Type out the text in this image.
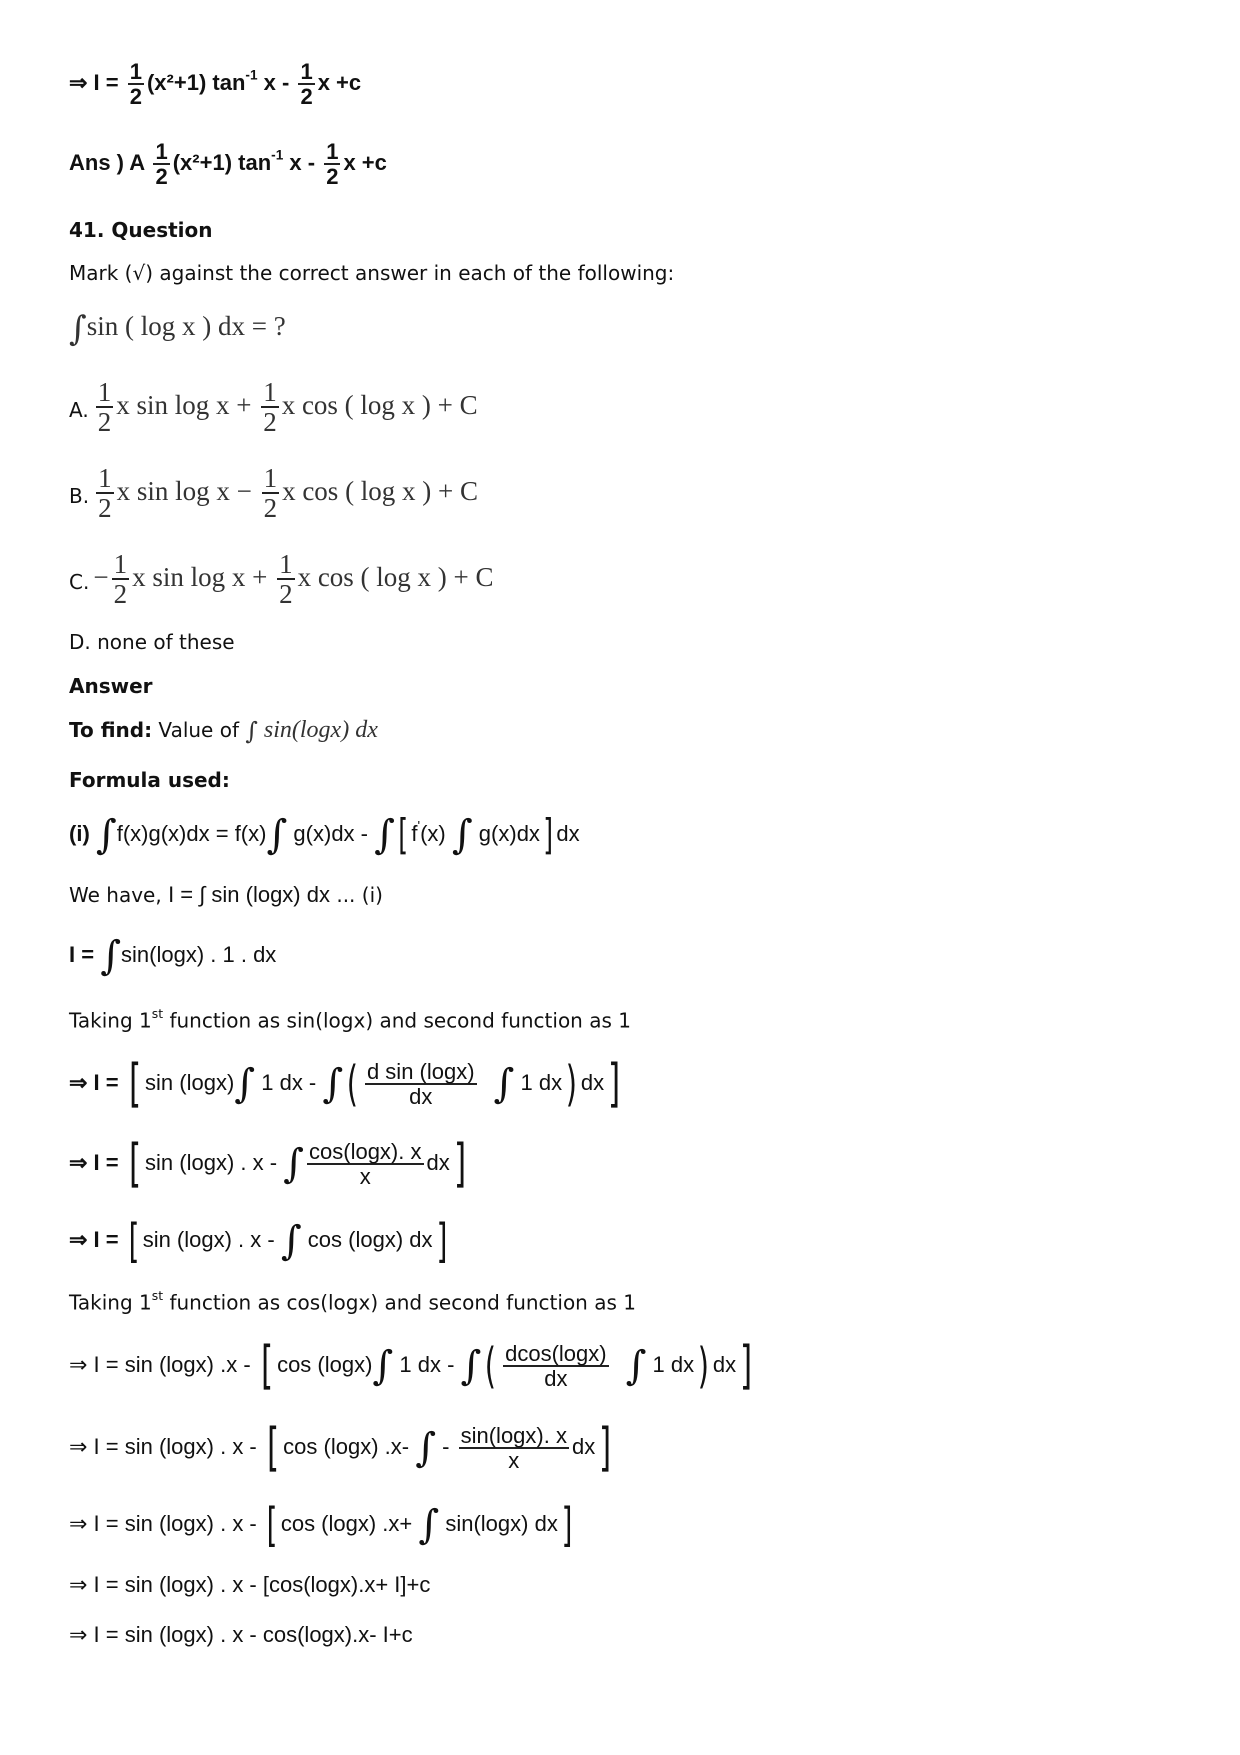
⇒ $I = \frac{1}{2} (x^2+1)$ $\tan^{-1} x - \frac{1}{2}$ x +c
Ans ) A $\frac{1}{2} (x^2+1)$ $\tan^{-1} x - \frac{1}{2}$ x +c
41. Question
Mark (√) against the correct answer in each of the following:
∫sin ( log x ) dx = ?
A. $\frac{1}{2}$ x $\sin \log x + \frac{1}{2}$ x cos ( log x ) + C
B. $\frac{1}{2}$ x $\sin \log x - \frac{1}{2}$ x cos ( log x ) + C
C. − $\frac{1}{2}$ x $\sin \log x + \frac{1}{2}$ x cos ( log x ) + C
D. none of these
Answer
To find: Value of ∫ sin(logx) dx
Formula used:
(i) ∫f(x)g(x)dx = f(x)∫ g(x)dx - ∫[ f'(x) ∫ g(x)dx] dx
We have, I = ∫ sin (logx) dx ... (i)
I = ∫sin(logx) . 1 . dx
Taking 1st function as sin(logx) and second function as 1
⇒ I = [ sin (logx)∫ 1 dx - ∫( $\frac{\text{d sin (logx)}}{dx}$ ∫ 1 dx) dx]
⇒ I = [ sin (logx) . x - ∫ $\frac{\cos(\log x). x}{x} dx$]
⇒ I = [ sin (logx) . x - ∫ cos (logx) dx]
Taking 1st function as cos(logx) and second function as 1
⇒ I = sin (logx) .x - [ cos (logx)∫ 1 dx - ∫( $\frac{dcos(\log x)}{dx}$ ∫ 1 dx) dx]
⇒ I = sin (logx) . x - [ cos (logx) .x- ∫ - $\frac{\sin(\log x). x}{x} dx$]
⇒ I = sin (logx) . x - [ cos (logx) .x+ ∫ sin(logx) dx]
⇒ I = sin (logx) . x - [cos(logx).x+ I]+c
⇒ I = sin (logx) . x - cos(logx).x- I+c
